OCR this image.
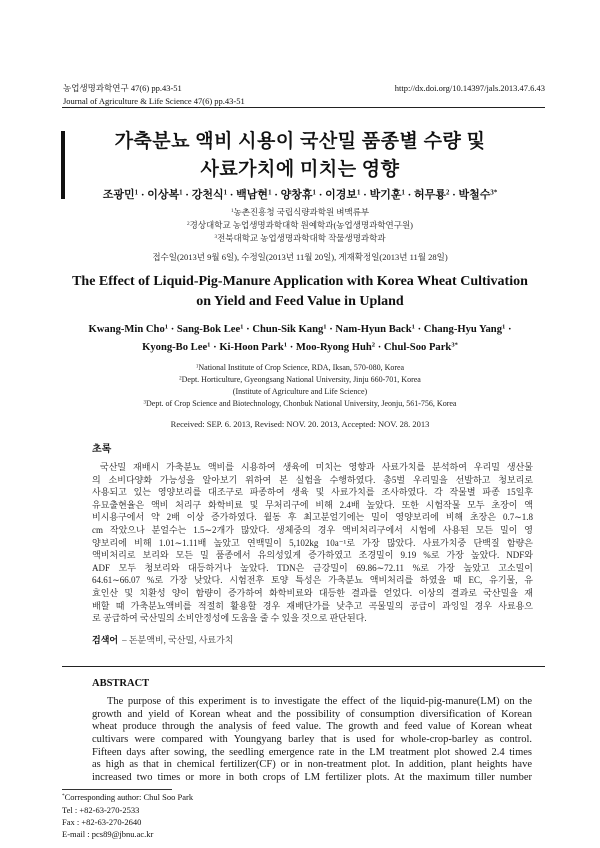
농업생명과학연구 47(6) pp.43-51
Journal of Agriculture & Life Science 47(6) pp.43-51
http://dx.doi.org/10.14397/jals.2013.47.6.43
가축분뇨 액비 시용이 국산밀 품종별 수량 및
사료가치에 미치는 영향
조광민$^1$ · 이상복$^1$ · 강천식$^1$ · 백남현$^1$ · 양창휴$^1$ · 이경보$^1$ · 박기훈$^1$ · 허무룡$^2$ · 박철수$^{3*}$
$^1$농촌진흥청 국립식량과학원 벼맥류부
$^2$경상대학교 농업생명과학대학 원예학과(농업생명과학연구원)
$^3$전북대학교 농업생명과학대학 작물생명과학과
접수일(2013년 9월 6일), 수정일(2013년 11월 20일), 게재확정일(2013년 11월 28일)
The Effect of Liquid-Pig-Manure Application with Korea Wheat Cultivation
on Yield and Feed Value in Upland
Kwang-Min Cho$^1$ · Sang-Bok Lee$^1$ · Chun-Sik Kang$^1$ · Nam-Hyun Back$^1$ · Chang-Hyu Yang$^1$ ·
Kyong-Bo Lee$^1$ · Ki-Hoon Park$^1$ · Moo-Ryong Huh$^2$ · Chul-Soo Park$^{3*}$
$^1$National Institute of Crop Science, RDA, Iksan, 570-080, Korea
$^2$Dept. Horticulture, Gyeongsang National University, Jinju 660-701, Korea
(Institute of Agriculture and Life Science)
$^3$Dept. of Crop Science and Biotechnology, Chonbuk National University, Jeonju, 561-756, Korea
Received: SEP. 6. 2013, Revised: NOV. 20. 2013, Accepted: NOV. 28. 2013
초록
국산밀 재배시 가축분뇨 액비를 시용하여 생육에 미치는 영향과 사료가치를 분석하여 우리밀 생산물
의 소비다양화 가능성을 알아보기 위하여 본 실험을 수행하였다. 총5벌 우리밀을 선발하고 청보리로
사용되고 있는 영양보리를 대조구로 파종하여 생육 및 사료가치를 조사하였다. 각 작물별 파종 15일후
유묘출현율은 액비 처리구 화학비료 및 무처리구에 비해 2.4배 높았다. 또한 시험작물 모두 초장이 액
비시용구에서 약 2배 이상 증가하였다. 월동 후 최고분얼기에는 밀이 영양보리에 비해 초장은 0.7∼1.8
cm 작았으나 분얼수는 1.5∼2개가 많았다. 생체중의 경우 액비처리구에서 시험에 사용된 모든 밀이 영
양보리에 비해 1.01∼1.11배 높았고 연백밀이 5,102kg 10a⁻¹로 가장 많았다. 사료가치중 단백질 함량은
액비처리로 보리와 모든 밀 품종에서 유의성있게 증가하였고 조경밀이 9.19 %로 가장 높았다. NDF와
ADF 모두 청보리와 대등하거나 높았다. TDN은 금강밀이 69.86∼72.11 %로 가장 높았고 고소밀이
64.61∼66.07 %로 가장 낮았다. 시험전후 토양 특성은 가축분뇨 액비처리를 하였을 때 EC, 유기물, 유
효인산 및 치환성 양이 함량이 증가하여 화학비료와 대등한 결과를 얻었다. 이상의 결과로 국산밀을 재
배할 때 가축분뇨액비를 적절히 활용할 경우 재배단가를 낮추고 곡물밀의 공급이 과잉일 경우 사료용으
로 공급하여 국산밀의 소비안정성에 도움을 줄 수 있을 것으로 판단된다.
검색어 – 돈분액비, 국산밀, 사료가치
ABSTRACT
The purpose of this experiment is to investigate the effect of the liquid-pig-manure(LM) on the
growth and yield of Korean wheat and the possibility of consumption diversification of Korean
wheat produce through the analysis of feed value. The growth and feed value of Korean wheat
cultivars were compared with Youngyang barley that is used for whole-crop-barley as control.
Fifteen days after sowing, the seedling emergence rate in the LM treatment plot showed 2.4 times
as high as that in chemical fertilizer(CF) or in non-treatment plot. In addition, plant heights have
increased two times or more in both crops of LM fertilizer plots. At the maximum tiller number
*Corresponding author: Chul Soo Park
Tel : +82-63-270-2533
Fax : +82-63-270-2640
E-mail : pcs89@jbnu.ac.kr
